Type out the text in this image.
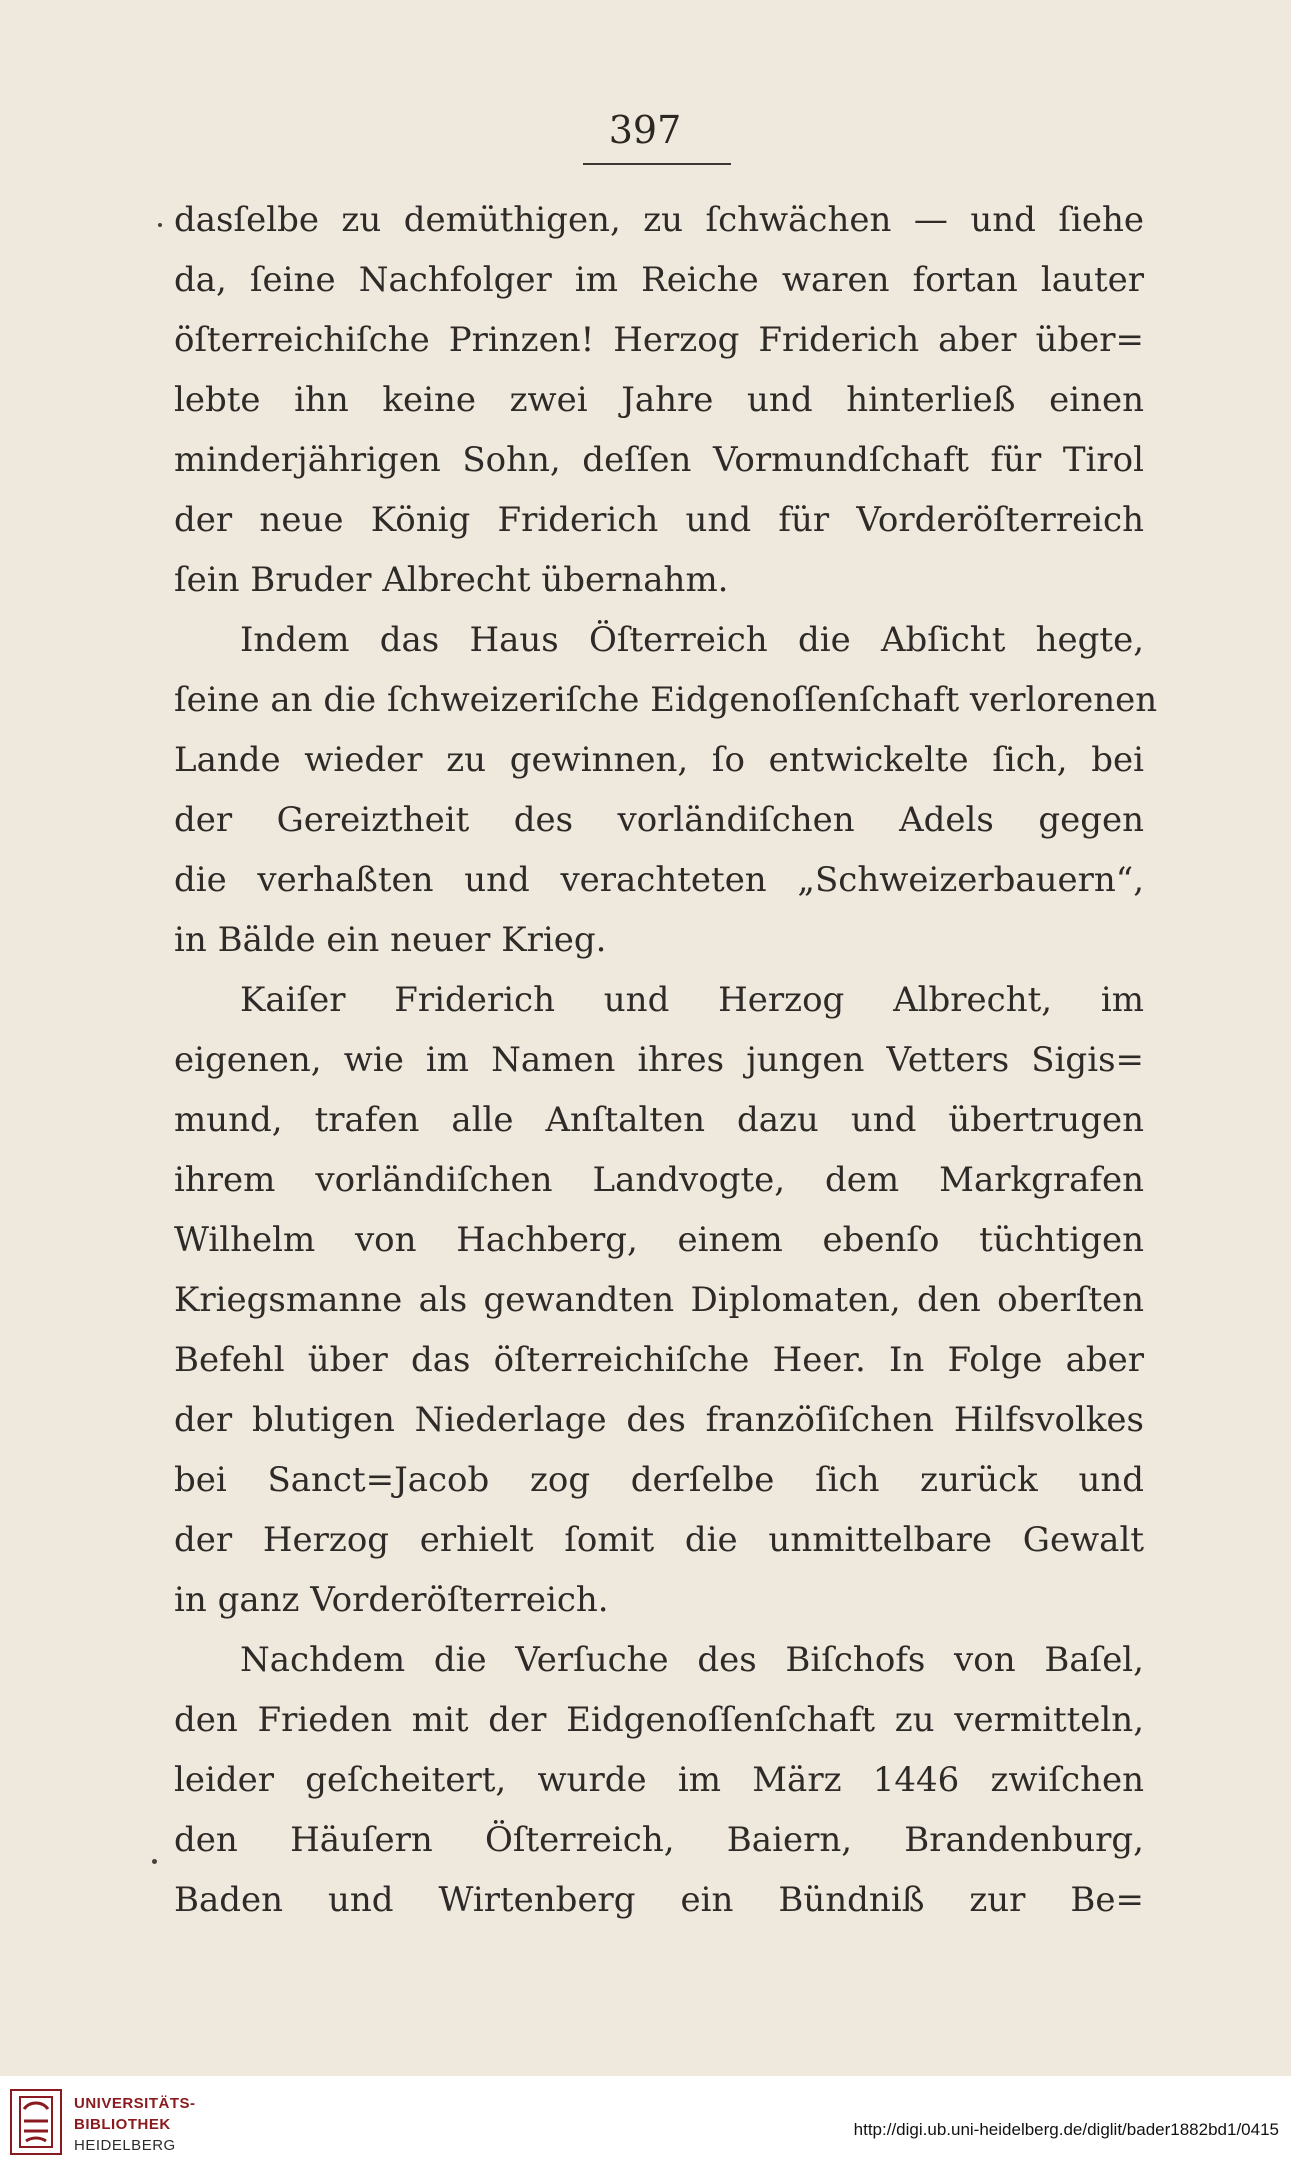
397
dasſelbe zu demüthigen, zu ſchwächen — und ſiehe
da, ſeine Nachfolger im Reiche waren fortan lauter
öſterreichiſche Prinzen! Herzog Friderich aber über=
lebte ihn keine zwei Jahre und hinterließ einen
minderjährigen Sohn, deſſen Vormundſchaft für Tirol
der neue König Friderich und für Vorderöſterreich
ſein Bruder Albrecht übernahm.
Indem das Haus Öſterreich die Abſicht hegte,
ſeine an die ſchweizeriſche Eidgenoſſenſchaft verlorenen
Lande wieder zu gewinnen, ſo entwickelte ſich, bei
der Gereiztheit des vorländiſchen Adels gegen
die verhaßten und verachteten „Schweizerbauern“,
in Bälde ein neuer Krieg.
Kaiſer Friderich und Herzog Albrecht, im
eigenen, wie im Namen ihres jungen Vetters Sigis=
mund, trafen alle Anſtalten dazu und übertrugen
ihrem vorländiſchen Landvogte, dem Markgrafen
Wilhelm von Hachberg, einem ebenſo tüchtigen
Kriegsmanne als gewandten Diplomaten, den oberſten
Befehl über das öſterreichiſche Heer. In Folge aber
der blutigen Niederlage des franzöſiſchen Hilfsvolkes
bei Sanct=Jacob zog derſelbe ſich zurück und
der Herzog erhielt ſomit die unmittelbare Gewalt
in ganz Vorderöſterreich.
Nachdem die Verſuche des Biſchofs von Baſel,
den Frieden mit der Eidgenoſſenſchaft zu vermitteln,
leider geſcheitert, wurde im März 1446 zwiſchen
den Häuſern Öſterreich, Baiern, Brandenburg,
Baden und Wirtenberg ein Bündniß zur Be=
UNIVERSITÄTS-
BIBLIOTHEK
HEIDELBERG
http://digi.ub.uni-heidelberg.de/diglit/bader1882bd1/0415
